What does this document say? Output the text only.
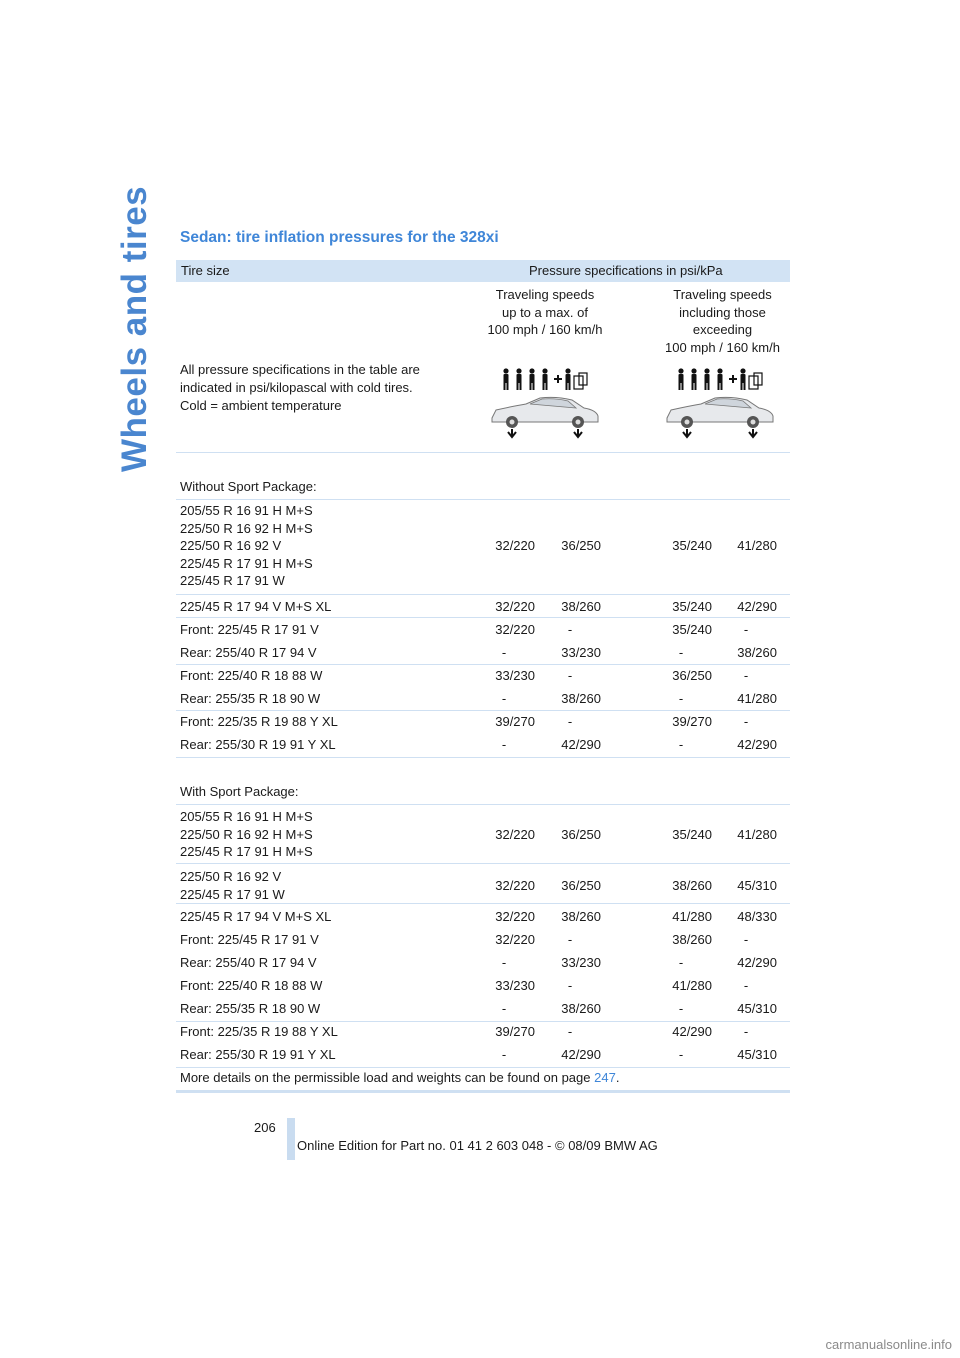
Wheels and tires Sedan: tire inflation pressures for the 328xi
Tire size	Pressure specifications in psi/kPa
Traveling speeds
up to a max. of
100 mph / 160 km/h
Traveling speeds
including those
exceeding
100 mph / 160 km/h
All pressure specifications in the table are
indicated in psi/kilopascal with cold tires.
Cold = ambient temperature
Without Sport Package:
205/55 R 16 91 H M+S
225/50 R 16 92 H M+S
225/50 R 16 92 V
225/45 R 17 91 H M+S
225/45 R 17 91 W
32/220	36/250	35/240	41/280
225/45 R 17 94 V M+S XL	32/220	38/260	35/240	42/290
Front: 225/45 R 17 91 V	32/220	-	35/240	-
Rear: 255/40 R 17 94 V	-	33/230	-	38/260
Front: 225/40 R 18 88 W	33/230	-	36/250	-
Rear: 255/35 R 18 90 W	-	38/260	-	41/280
Front: 225/35 R 19 88 Y XL	39/270	-	39/270	-
Rear: 255/30 R 19 91 Y XL	-	42/290	-	42/290
With Sport Package:
205/55 R 16 91 H M+S
225/50 R 16 92 H M+S
225/45 R 17 91 H M+S
32/220	36/250	35/240	41/280
225/50 R 16 92 V
225/45 R 17 91 W
32/220	36/250	38/260	45/310
225/45 R 17 94 V M+S XL	32/220	38/260	41/280	48/330
Front: 225/45 R 17 91 V	32/220	-	38/260	-
Rear: 255/40 R 17 94 V	-	33/230	-	42/290
Front: 225/40 R 18 88 W	33/230	-	41/280	-
Rear: 255/35 R 18 90 W	-	38/260	-	45/310
Front: 225/35 R 19 88 Y XL	39/270	-	42/290	-
Rear: 255/30 R 19 91 Y XL	-	42/290	-	45/310
More details on the permissible load and weights can be found on page 247.
206
Online Edition for Part no. 01 41 2 603 048 - © 08/09 BMW AG
carmanualsonline.info
